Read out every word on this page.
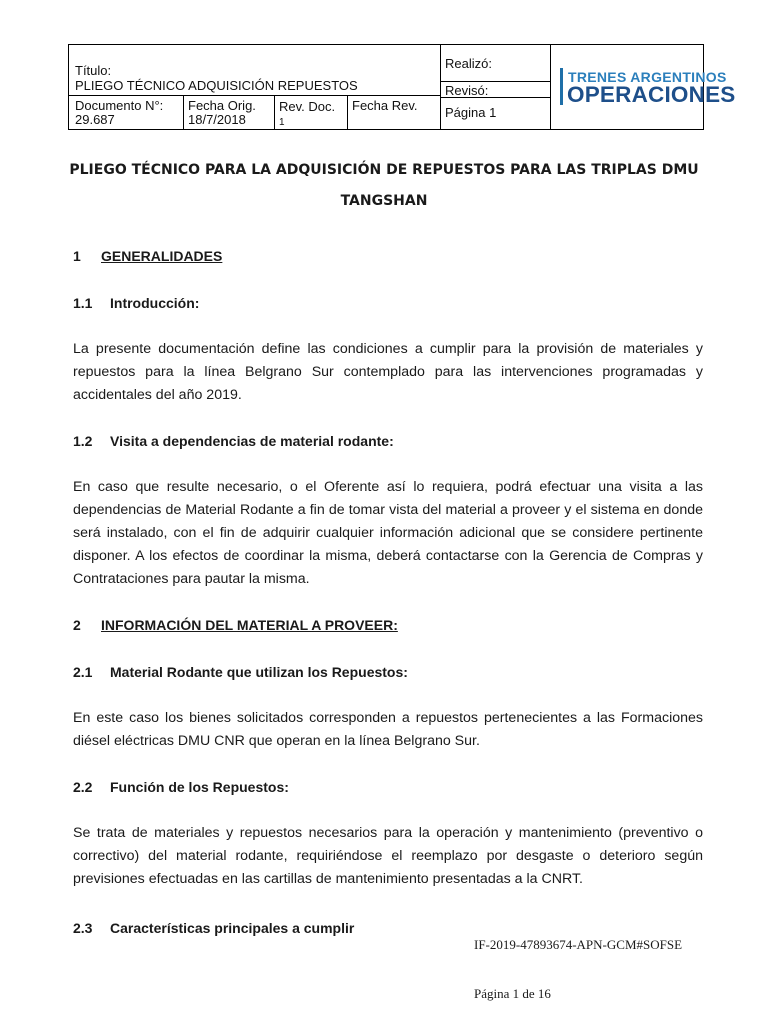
Título:
PLIEGO TÉCNICO ADQUISICIÓN REPUESTOS
Documento N°:
29.687
Fecha Orig.
18/7/2018
Rev. Doc.
1
Fecha Rev.
Realizó:
Revisó:
Página 1
TRENES ARGENTINOS
OPERACIONES
PLIEGO TÉCNICO PARA LA ADQUISICIÓN DE REPUESTOS PARA LAS TRIPLAS DMU
TANGSHAN
1 GENERALIDADES
1.1 Introducción:
La presente documentación define las condiciones a cumplir para la provisión de materiales y repuestos para la línea Belgrano Sur contemplado para las intervenciones programadas y accidentales del año 2019.
1.2 Visita a dependencias de material rodante:
En caso que resulte necesario, o el Oferente así lo requiera, podrá efectuar una visita a las dependencias de Material Rodante a fin de tomar vista del material a proveer y el sistema en donde será instalado, con el fin de adquirir cualquier información adicional que se considere pertinente disponer. A los efectos de coordinar la misma, deberá contactarse con la Gerencia de Compras y Contrataciones para pautar la misma.
2 INFORMACIÓN DEL MATERIAL A PROVEER:
2.1 Material Rodante que utilizan los Repuestos:
En este caso los bienes solicitados corresponden a repuestos pertenecientes a las Formaciones diésel eléctricas DMU CNR que operan en la línea Belgrano Sur.
2.2 Función de los Repuestos:
Se trata de materiales y repuestos necesarios para la operación y mantenimiento (preventivo o correctivo) del material rodante, requiriéndose el reemplazo por desgaste o deterioro según previsiones efectuadas en las cartillas de mantenimiento presentadas a la CNRT.
2.3 Características principales a cumplir
IF-2019-47893674-APN-GCM#SOFSE
Página 1 de 16
